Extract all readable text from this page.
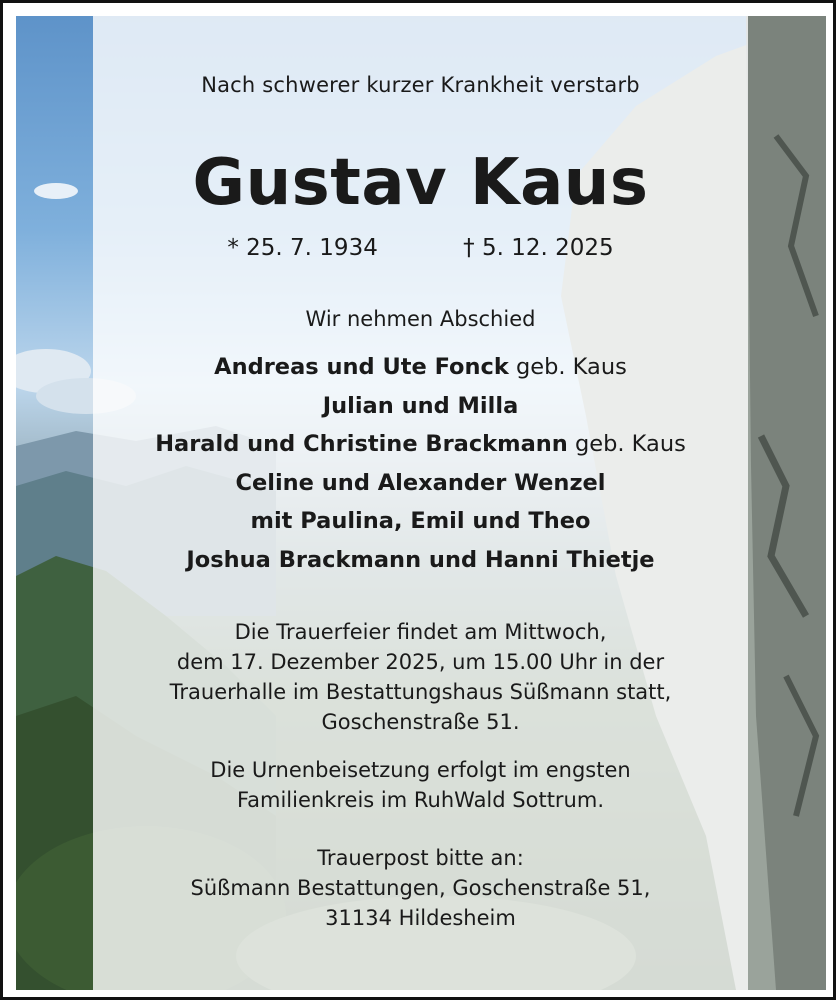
Nach schwerer kurzer Krankheit verstarb
Gustav Kaus
* 25. 7. 1934	† 5. 12. 2025
Wir nehmen Abschied
Andreas und Ute Fonck geb. Kaus
Julian und Milla
Harald und Christine Brackmann geb. Kaus
Celine und Alexander Wenzel
mit Paulina, Emil und Theo
Joshua Brackmann und Hanni Thietje
Die Trauerfeier findet am Mittwoch,
dem 17. Dezember 2025, um 15.00 Uhr in der
Trauerhalle im Bestattungshaus Süßmann statt,
Goschenstraße 51.
Die Urnenbeisetzung erfolgt im engsten
Familienkreis im RuhWald Sottrum.
Trauerpost bitte an:
Süßmann Bestattungen, Goschenstraße 51,
31134 Hildesheim
